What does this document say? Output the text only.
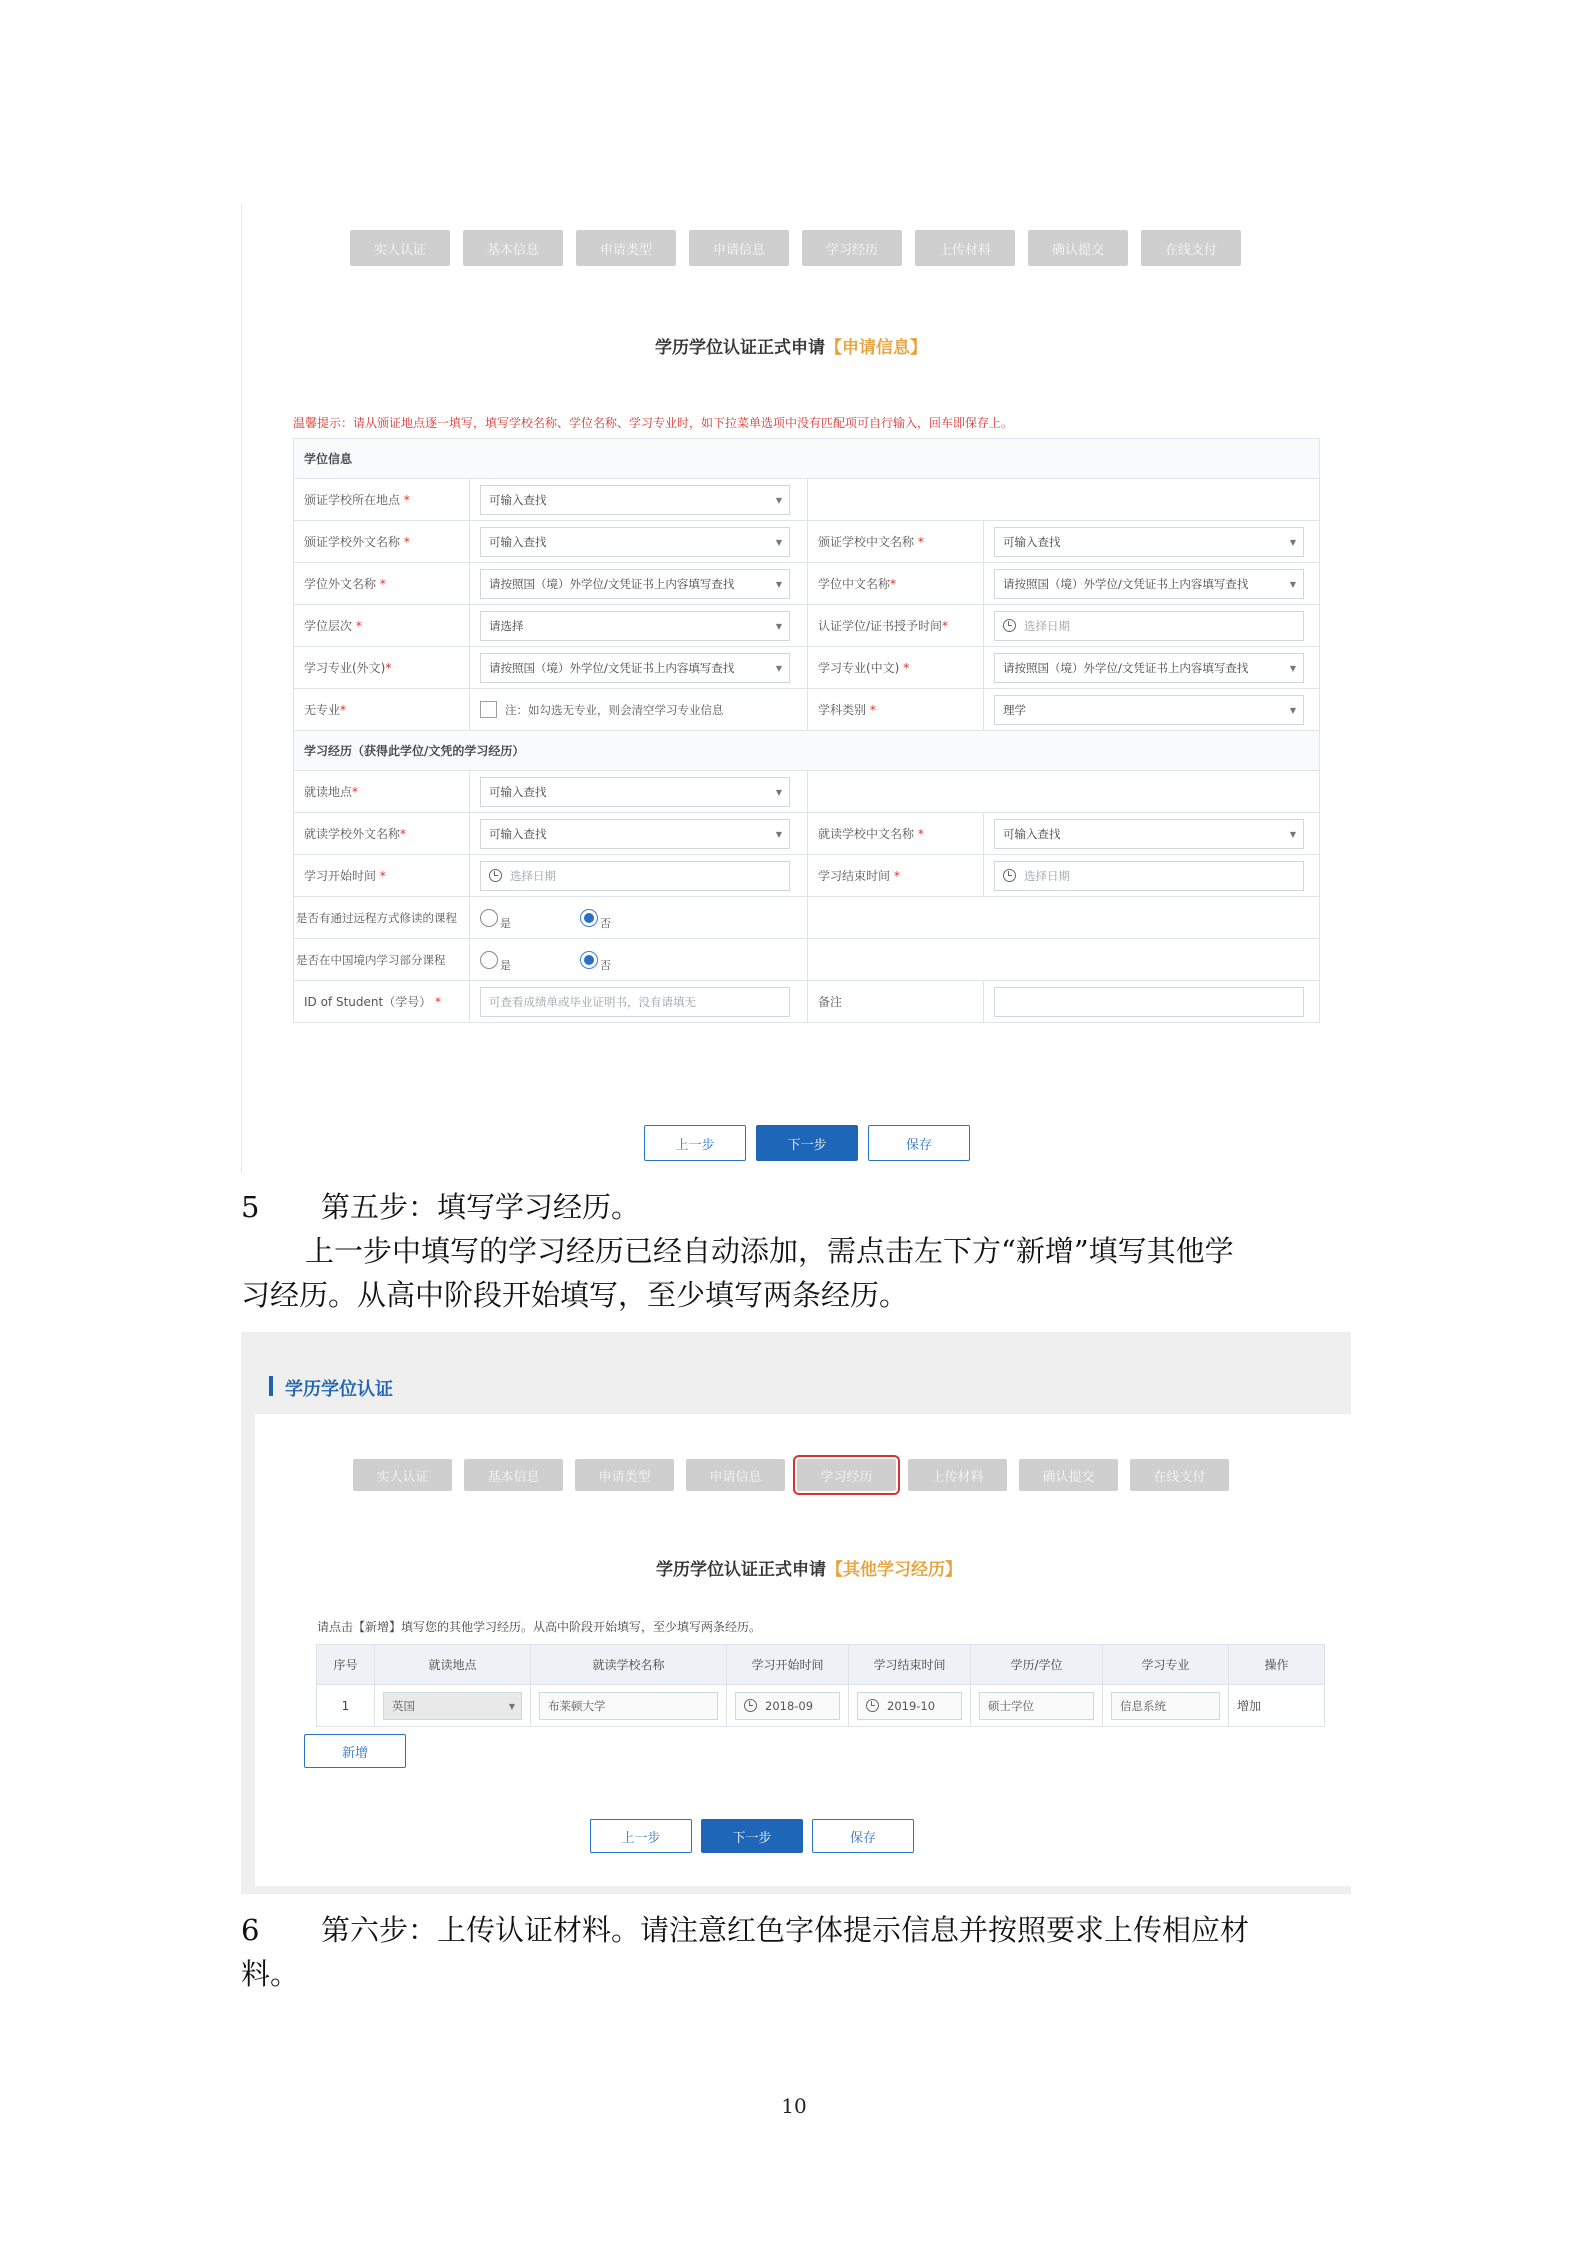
实人认证	基本信息	申请类型	申请信息	学习经历	上传材料	确认提交	在线支付
学历学位认证正式申请【申请信息】
温馨提示：请从颁证地点逐一填写，填写学校名称、学位名称、学习专业时，如下拉菜单选项中没有匹配项可自行输入，回车即保存上。
学位信息			
颁证学校所在地点 *	可输入查找 ▼		

颁证学校外文名称 *	可输入查找 ▼	颁证学校中文名称 *	可输入查找 ▼

学位外文名称 *	请按照国（境）外学位/文凭证书上内容填写查找 ▼	学位中文名称*	请按照国（境）外学位/文凭证书上内容填写查找 ▼

学位层次 *	请选择 ▼	认证学位/证书授予时间*	选择日期

学习专业(外文)*	请按照国（境）外学位/文凭证书上内容填写查找 ▼	学习专业(中文) *	请按照国（境）外学位/文凭证书上内容填写查找 ▼

无专业*	注：如勾选无专业，则会清空学习专业信息	学科类别 *	理学 ▼

学习经历（获得此学位/文凭的学习经历）			
就读地点*	可输入查找 ▼		

就读学校外文名称*	可输入查找 ▼	就读学校中文名称 *	可输入查找 ▼

学习开始时间 *	选择日期	学习结束时间 *	选择日期

是否有通过远程方式修读的课程	是 否		

是否在中国境内学习部分课程	是 否		

ID of Student（学号） *	可查看成绩单或毕业证明书，没有请填无	备注	
上一步	下一步	保存
5 第五步：填写学习经历。
上一步中填写的学习经历已经自动添加，需点击左下方“新增”填写其他学
习经历。从高中阶段开始填写，至少填写两条经历。
学历学位认证
实人认证	基本信息	申请类型	申请信息	学习经历	上传材料	确认提交	在线支付
学历学位认证正式申请【其他学习经历】
请点击【新增】填写您的其他学习经历。从高中阶段开始填写，至少填写两条经历。
序号	就读地点	就读学校名称	学习开始时间	学习结束时间	学历/学位	学习专业	操作
1	英国 ▼	布莱顿大学	2018-09	2019-10	硕士学位	信息系统	增加
新增
上一步	下一步	保存
6 第六步：上传认证材料。请注意红色字体提示信息并按照要求上传相应材
料。
10
